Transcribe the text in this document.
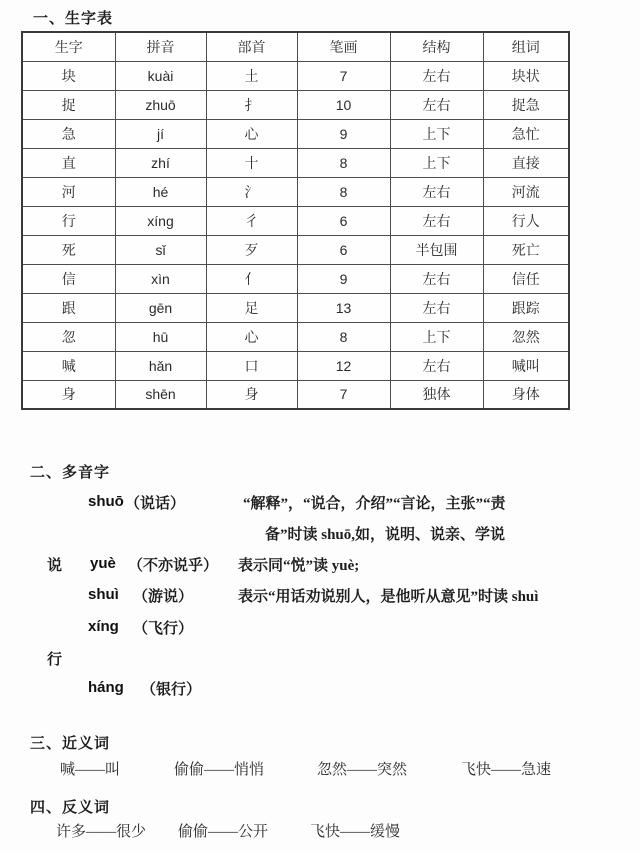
一、生字表
生字	拼音	部首	笔画	结构	组词
块	kuài	土	7	左右	块状
捉	zhuō	扌	10	左右	捉急
急	jí	心	9	上下	急忙
直	zhí	十	8	上下	直接
河	hé	氵	8	左右	河流
行	xíng	彳	6	左右	行人
死	sǐ	歹	6	半包围	死亡
信	xìn	亻	9	左右	信任
跟	gēn	足	13	左右	跟踪
忽	hū	心	8	上下	忽然
喊	hǎn	口	12	左右	喊叫
身	shēn	身	7	独体	身体
二、多音字
说
shuō （说话）	“解释”，“说合，介绍”“言论，主张”“责
备”时读 shuō,如，说明、说亲、学说
yuè （不亦说乎） 表示同“悦”读 yuè;
shuì （游说）	表示“用话劝说别人，是他听从意见”时读 shuì
xíng （飞行）
行
háng （银行）
三、近义词
喊——叫	偷偷——悄悄	忽然——突然	飞快——急速
四、反义词
许多——很少 偷偷——公开	飞快——缓慢
